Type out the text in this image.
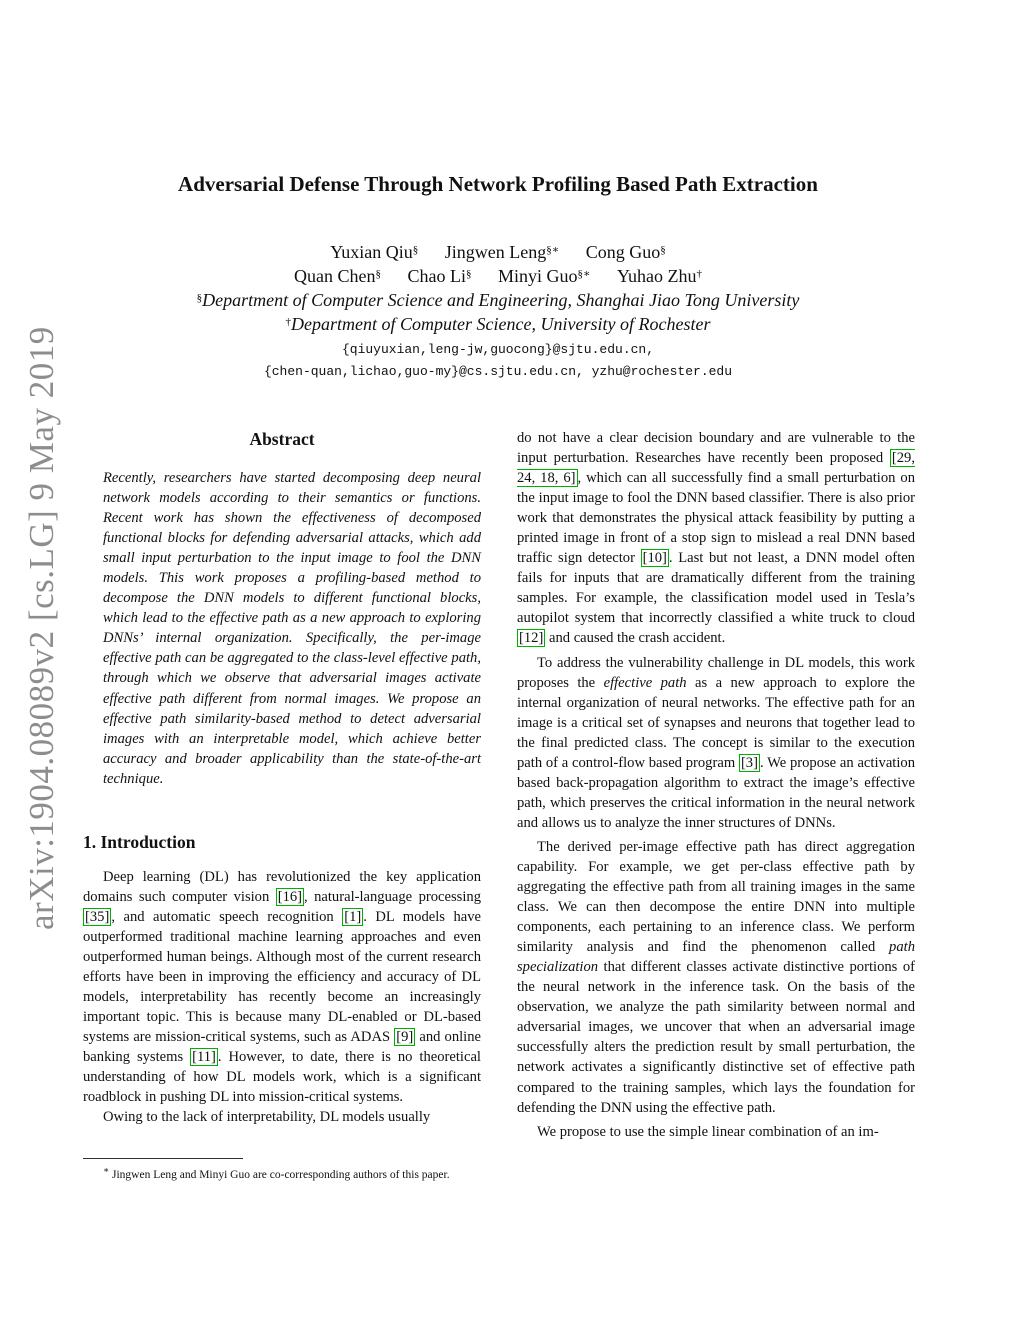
arXiv:1904.08089v2 [cs.LG] 9 May 2019
Adversarial Defense Through Network Profiling Based Path Extraction
Yuxian Qiu§ Jingwen Leng§∗ Cong Guo§
Quan Chen§ Chao Li§ Minyi Guo§∗ Yuhao Zhu†
§Department of Computer Science and Engineering, Shanghai Jiao Tong University
†Department of Computer Science, University of Rochester
{qiuyuxian,leng-jw,guocong}@sjtu.edu.cn,
{chen-quan,lichao,guo-my}@cs.sjtu.edu.cn, yzhu@rochester.edu
Abstract

Recently, researchers have started decomposing deep neural network models according to their semantics or functions. Recent work has shown the effectiveness of decomposed functional blocks for defending adversarial attacks, which add small input perturbation to the input image to fool the DNN models. This work proposes a profiling-based method to decompose the DNN models to different functional blocks, which lead to the effective path as a new approach to exploring DNNs’ internal organization. Specifically, the per-image effective path can be aggregated to the class-level effective path, through which we observe that adversarial images activate effective path different from normal images. We propose an effective path similarity-based method to detect adversarial images with an interpretable model, which achieve better accuracy and broader applicability than the state-of-the-art technique.

1. Introduction

Deep learning (DL) has revolutionized the key application domains such computer vision [16] , natural-language processing [35] , and automatic speech recognition [1] . DL models have outperformed traditional machine learning approaches and even outperformed human beings. Although most of the current research efforts have been in improving the efficiency and accuracy of DL models, interpretability has recently become an increasingly important topic. This is because many DL-enabled or DL-based systems are mission-critical systems, such as ADAS [9] and online banking systems [11] . However, to date, there is no theoretical understanding of how DL models work, which is a significant roadblock in pushing DL into mission-critical systems.

Owing to the lack of interpretability, DL models usually

∗ Jingwen Leng and Minyi Guo are co-corresponding authors of this paper.

do not have a clear decision boundary and are vulnerable to the input perturbation. Researches have recently been proposed [29, 24, 18, 6] , which can all successfully find a small perturbation on the input image to fool the DNN based classifier. There is also prior work that demonstrates the physical attack feasibility by putting a printed image in front of a stop sign to mislead a real DNN based traffic sign detector [10] . Last but not least, a DNN model often fails for inputs that are dramatically different from the training samples. For example, the classification model used in Tesla’s autopilot system that incorrectly classified a white truck to cloud [12] and caused the crash accident.

To address the vulnerability challenge in DL models, this work proposes the effective path as a new approach to explore the internal organization of neural networks. The effective path for an image is a critical set of synapses and neurons that together lead to the final predicted class. The concept is similar to the execution path of a control-flow based program [3] . We propose an activation based back-propagation algorithm to extract the image’s effective path, which preserves the critical information in the neural network and allows us to analyze the inner structures of DNNs.

The derived per-image effective path has direct aggregation capability. For example, we get per-class effective path by aggregating the effective path from all training images in the same class. We can then decompose the entire DNN into multiple components, each pertaining to an inference class. We perform similarity analysis and find the phenomenon called path specialization that different classes activate distinctive portions of the neural network in the inference task. On the basis of the observation, we analyze the path similarity between normal and adversarial images, we uncover that when an adversarial image successfully alters the prediction result by small perturbation, the network activates a significantly distinctive set of effective path compared to the training samples, which lays the foundation for defending the DNN using the effective path.

We propose to use the simple linear combination of an im-
